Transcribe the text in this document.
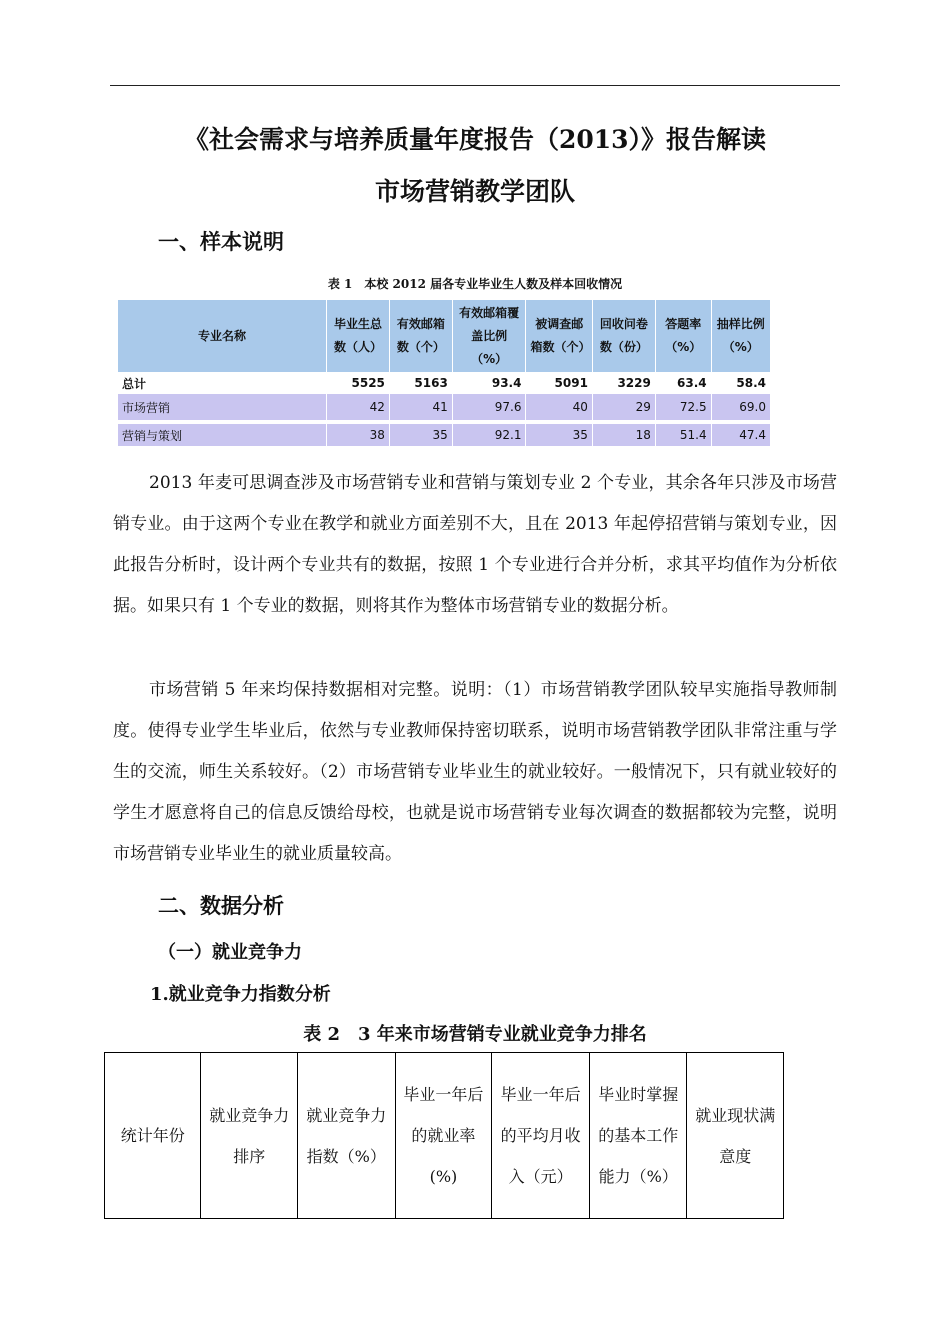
《社会需求与培养质量年度报告（2013）》报告解读
市场营销教学团队
一、样本说明
表 1　本校 2012 届各专业毕业生人数及样本回收情况
专业名称	毕业生总数（人）	有效邮箱数（个）	有效邮箱覆盖比例（%）	被调查邮箱数（个）	回收问卷数（份）	答题率（%）	抽样比例（%）
总计	5525	5163	93.4	5091	3229	63.4	58.4
市场营销	42	41	97.6	40	29	72.5	69.0

营销与策划	38	35	92.1	35	18	51.4	47.4
2013 年麦可思调查涉及市场营销专业和营销与策划专业 2 个专业，其余各年只涉及市场营销专业。由于这两个专业在教学和就业方面差别不大，且在 2013 年起停招营销与策划专业，因此报告分析时，设计两个专业共有的数据，按照 1 个专业进行合并分析，求其平均值作为分析依据。如果只有 1 个专业的数据，则将其作为整体市场营销专业的数据分析。
市场营销 5 年来均保持数据相对完整。说明：（1）市场营销教学团队较早实施指导教师制度。使得专业学生毕业后，依然与专业教师保持密切联系，说明市场营销教学团队非常注重与学生的交流，师生关系较好。（2）市场营销专业毕业生的就业较好。一般情况下，只有就业较好的学生才愿意将自己的信息反馈给母校，也就是说市场营销专业每次调查的数据都较为完整，说明市场营销专业毕业生的就业质量较高。
二、数据分析
（一）就业竞争力
1.就业竞争力指数分析
表 2　3 年来市场营销专业就业竞争力排名
统计年份	就业竞争力排序	就业竞争力指数（%）	毕业一年后的就业率(%)	毕业一年后的平均月收入（元）	毕业时掌握的基本工作能力（%）	就业现状满意度
